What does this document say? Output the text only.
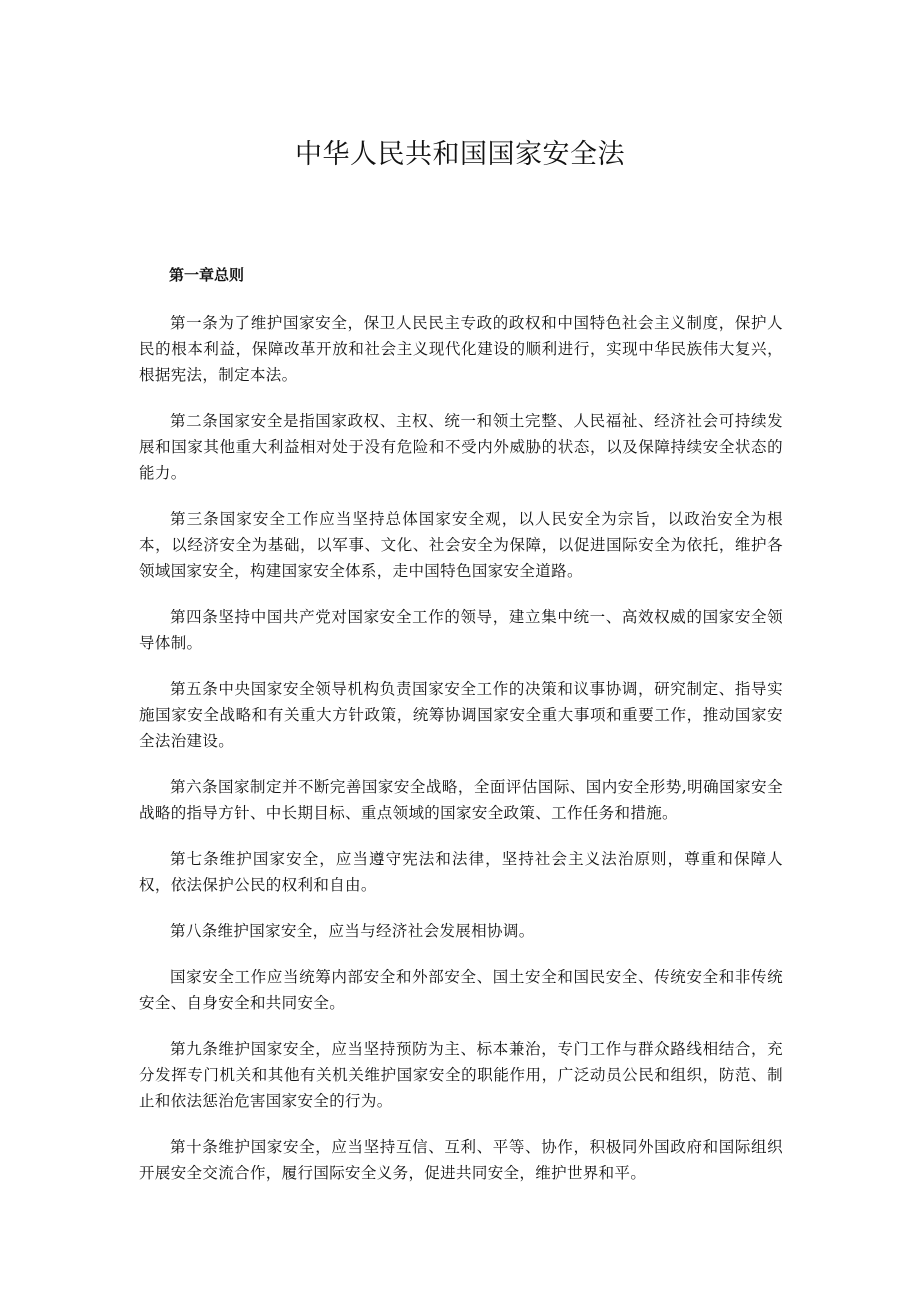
中华人民共和国国家安全法

第一章总则

第一条为了维护国家安全，保卫人民民主专政的政权和中国特色社会主义制度，保护人民的根本利益，保障改革开放和社会主义现代化建设的顺利进行，实现中华民族伟大复兴，根据宪法，制定本法。

第二条国家安全是指国家政权、主权、统一和领土完整、人民福祉、经济社会可持续发展和国家其他重大利益相对处于没有危险和不受内外威胁的状态，以及保障持续安全状态的能力。

第三条国家安全工作应当坚持总体国家安全观，以人民安全为宗旨，以政治安全为根本，以经济安全为基础，以军事、文化、社会安全为保障，以促进国际安全为依托，维护各领域国家安全，构建国家安全体系，走中国特色国家安全道路。

第四条坚持中国共产党对国家安全工作的领导，建立集中统一、高效权威的国家安全领导体制。

第五条中央国家安全领导机构负责国家安全工作的决策和议事协调，研究制定、指导实施国家安全战略和有关重大方针政策，统筹协调国家安全重大事项和重要工作，推动国家安全法治建设。

第六条国家制定并不断完善国家安全战略，全面评估国际、国内安全形势,明确国家安全战略的指导方针、中长期目标、重点领域的国家安全政策、工作任务和措施。

第七条维护国家安全，应当遵守宪法和法律，坚持社会主义法治原则，尊重和保障人权，依法保护公民的权利和自由。

第八条维护国家安全，应当与经济社会发展相协调。

国家安全工作应当统筹内部安全和外部安全、国土安全和国民安全、传统安全和非传统安全、自身安全和共同安全。

第九条维护国家安全，应当坚持预防为主、标本兼治，专门工作与群众路线相结合，充分发挥专门机关和其他有关机关维护国家安全的职能作用，广泛动员公民和组织，防范、制止和依法惩治危害国家安全的行为。

第十条维护国家安全，应当坚持互信、互利、平等、协作，积极同外国政府和国际组织开展安全交流合作，履行国际安全义务，促进共同安全，维护世界和平。
